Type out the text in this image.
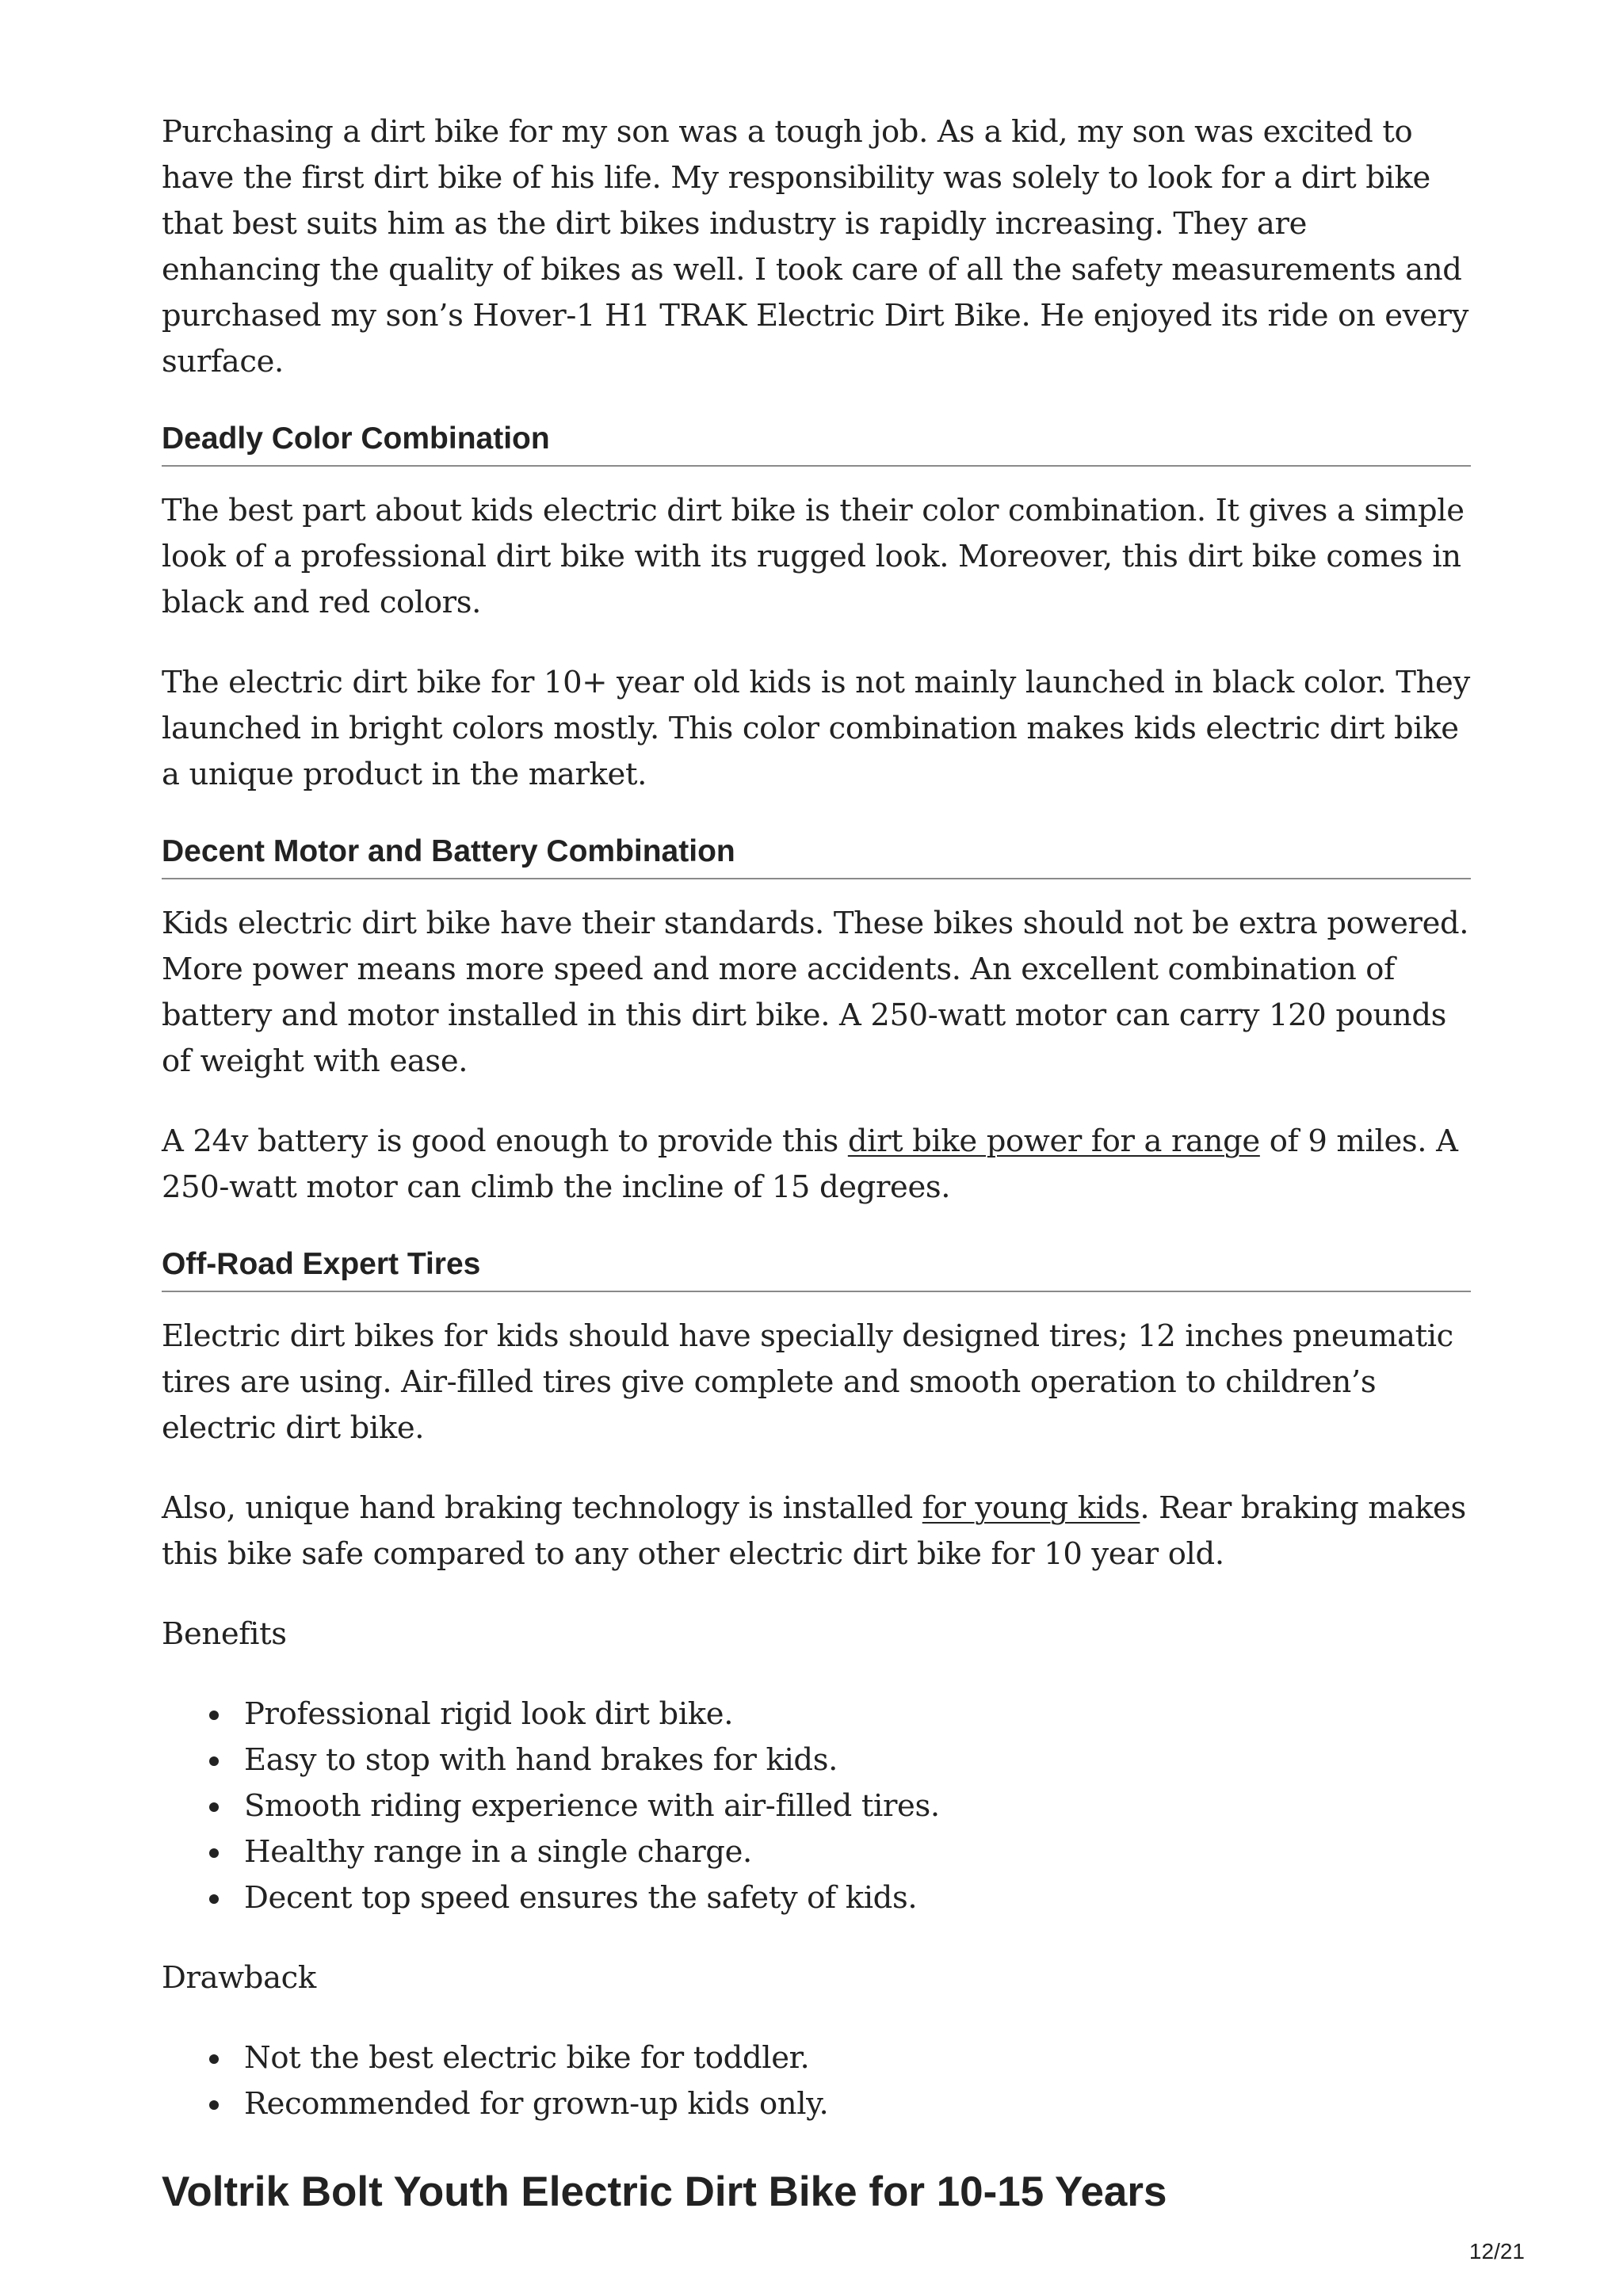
Purchasing a dirt bike for my son was a tough job. As a kid, my son was excited to have the first dirt bike of his life. My responsibility was solely to look for a dirt bike that best suits him as the dirt bikes industry is rapidly increasing. They are enhancing the quality of bikes as well. I took care of all the safety measurements and purchased my son’s Hover-1 H1 TRAK Electric Dirt Bike. He enjoyed its ride on every surface.

Deadly Color Combination

The best part about kids electric dirt bike is their color combination. It gives a simple look of a professional dirt bike with its rugged look. Moreover, this dirt bike comes in black and red colors.

The electric dirt bike for 10+ year old kids is not mainly launched in black color. They launched in bright colors mostly. This color combination makes kids electric dirt bike a unique product in the market.

Decent Motor and Battery Combination

Kids electric dirt bike have their standards. These bikes should not be extra powered. More power means more speed and more accidents. An excellent combination of battery and motor installed in this dirt bike. A 250-watt motor can carry 120 pounds of weight with ease.

A 24v battery is good enough to provide this dirt bike power for a range of 9 miles. A 250-watt motor can climb the incline of 15 degrees.

Off-Road Expert Tires

Electric dirt bikes for kids should have specially designed tires; 12 inches pneumatic tires are using. Air-filled tires give complete and smooth operation to children’s electric dirt bike.

Also, unique hand braking technology is installed for young kids. Rear braking makes this bike safe compared to any other electric dirt bike for 10 year old.

Benefits

Professional rigid look dirt bike.
Easy to stop with hand brakes for kids.
Smooth riding experience with air-filled tires.
Healthy range in a single charge.
Decent top speed ensures the safety of kids.

Drawback

Not the best electric bike for toddler.
Recommended for grown-up kids only.
Voltrik Bolt Youth Electric Dirt Bike for 10-15 Years
12/21
